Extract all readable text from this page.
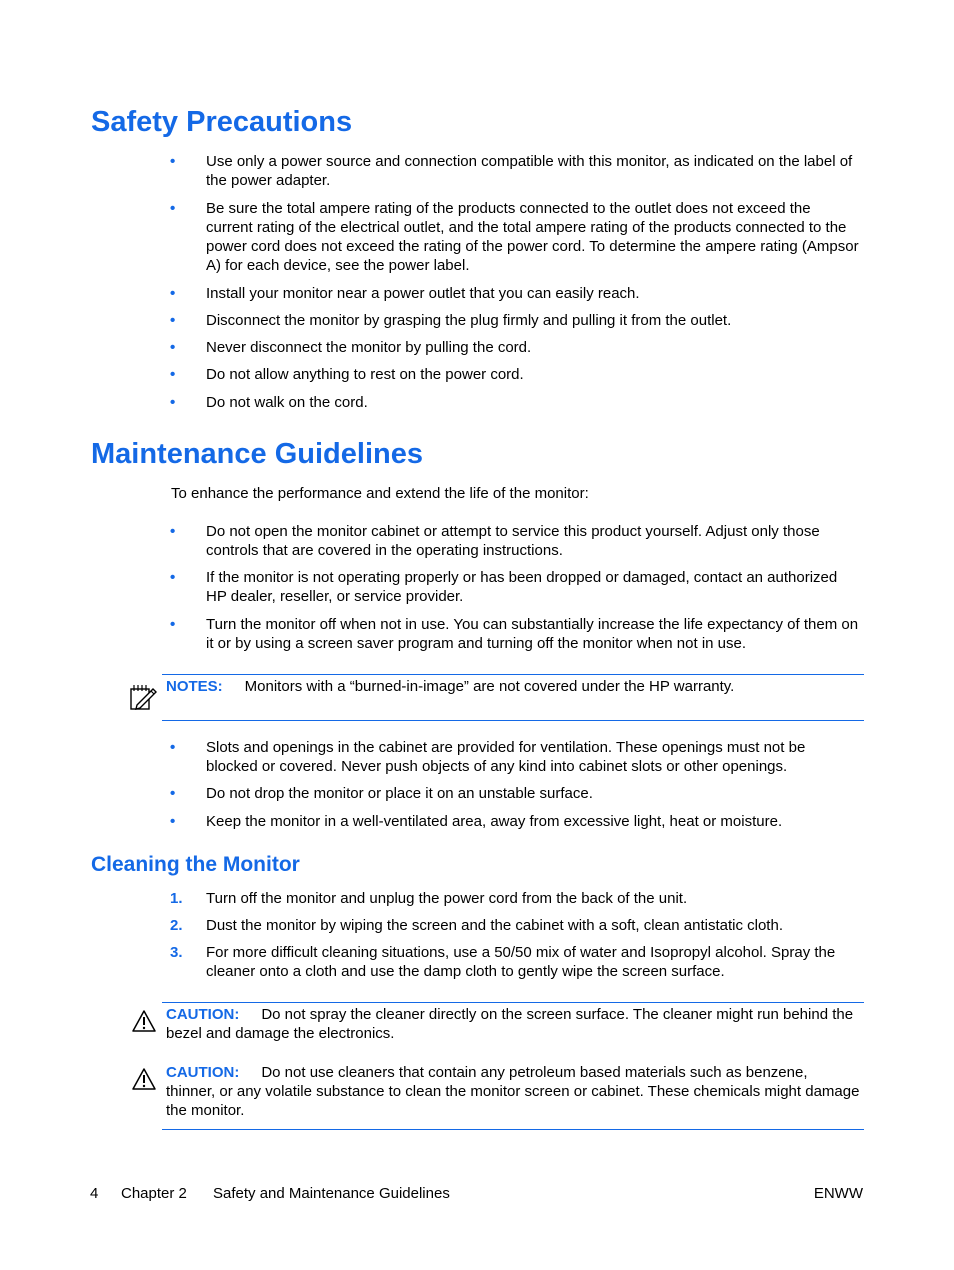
Safety Precautions
• Use only a power source and connection compatible with this monitor, as indicated on the label of the power adapter.
• Be sure the total ampere rating of the products connected to the outlet does not exceed the current rating of the electrical outlet, and the total ampere rating of the products connected to the power cord does not exceed the rating of the power cord. To determine the ampere rating (Ampsor A) for each device, see the power label.
• Install your monitor near a power outlet that you can easily reach.
• Disconnect the monitor by grasping the plug firmly and pulling it from the outlet.
• Never disconnect the monitor by pulling the cord.
• Do not allow anything to rest on the power cord.
• Do not walk on the cord.
Maintenance Guidelines

To enhance the performance and extend the life of the monitor:

• Do not open the monitor cabinet or attempt to service this product yourself. Adjust only those controls that are covered in the operating instructions.
• If the monitor is not operating properly or has been dropped or damaged, contact an authorized HP dealer, reseller, or service provider.
• Turn the monitor off when not in use. You can substantially increase the life expectancy of them on it or by using a screen saver program and turning off the monitor when not in use.
NOTES: Monitors with a “burned-in-image” are not covered under the HP warranty.
• Slots and openings in the cabinet are provided for ventilation. These openings must not be blocked or covered. Never push objects of any kind into cabinet slots or other openings.
• Do not drop the monitor or place it on an unstable surface.
• Keep the monitor in a well-ventilated area, away from excessive light, heat or moisture.
Cleaning the Monitor
1. Turn off the monitor and unplug the power cord from the back of the unit.
2. Dust the monitor by wiping the screen and the cabinet with a soft, clean antistatic cloth.
3. For more difficult cleaning situations, use a 50/50 mix of water and Isopropyl alcohol. Spray the cleaner onto a cloth and use the damp cloth to gently wipe the screen surface.
CAUTION: Do not spray the cleaner directly on the screen surface. The cleaner might run behind the bezel and damage the electronics.
CAUTION: Do not use cleaners that contain any petroleum based materials such as benzene, thinner, or any volatile substance to clean the monitor screen or cabinet. These chemicals might damage the monitor.
4 Chapter 2 Safety and Maintenance Guidelines	ENWW
